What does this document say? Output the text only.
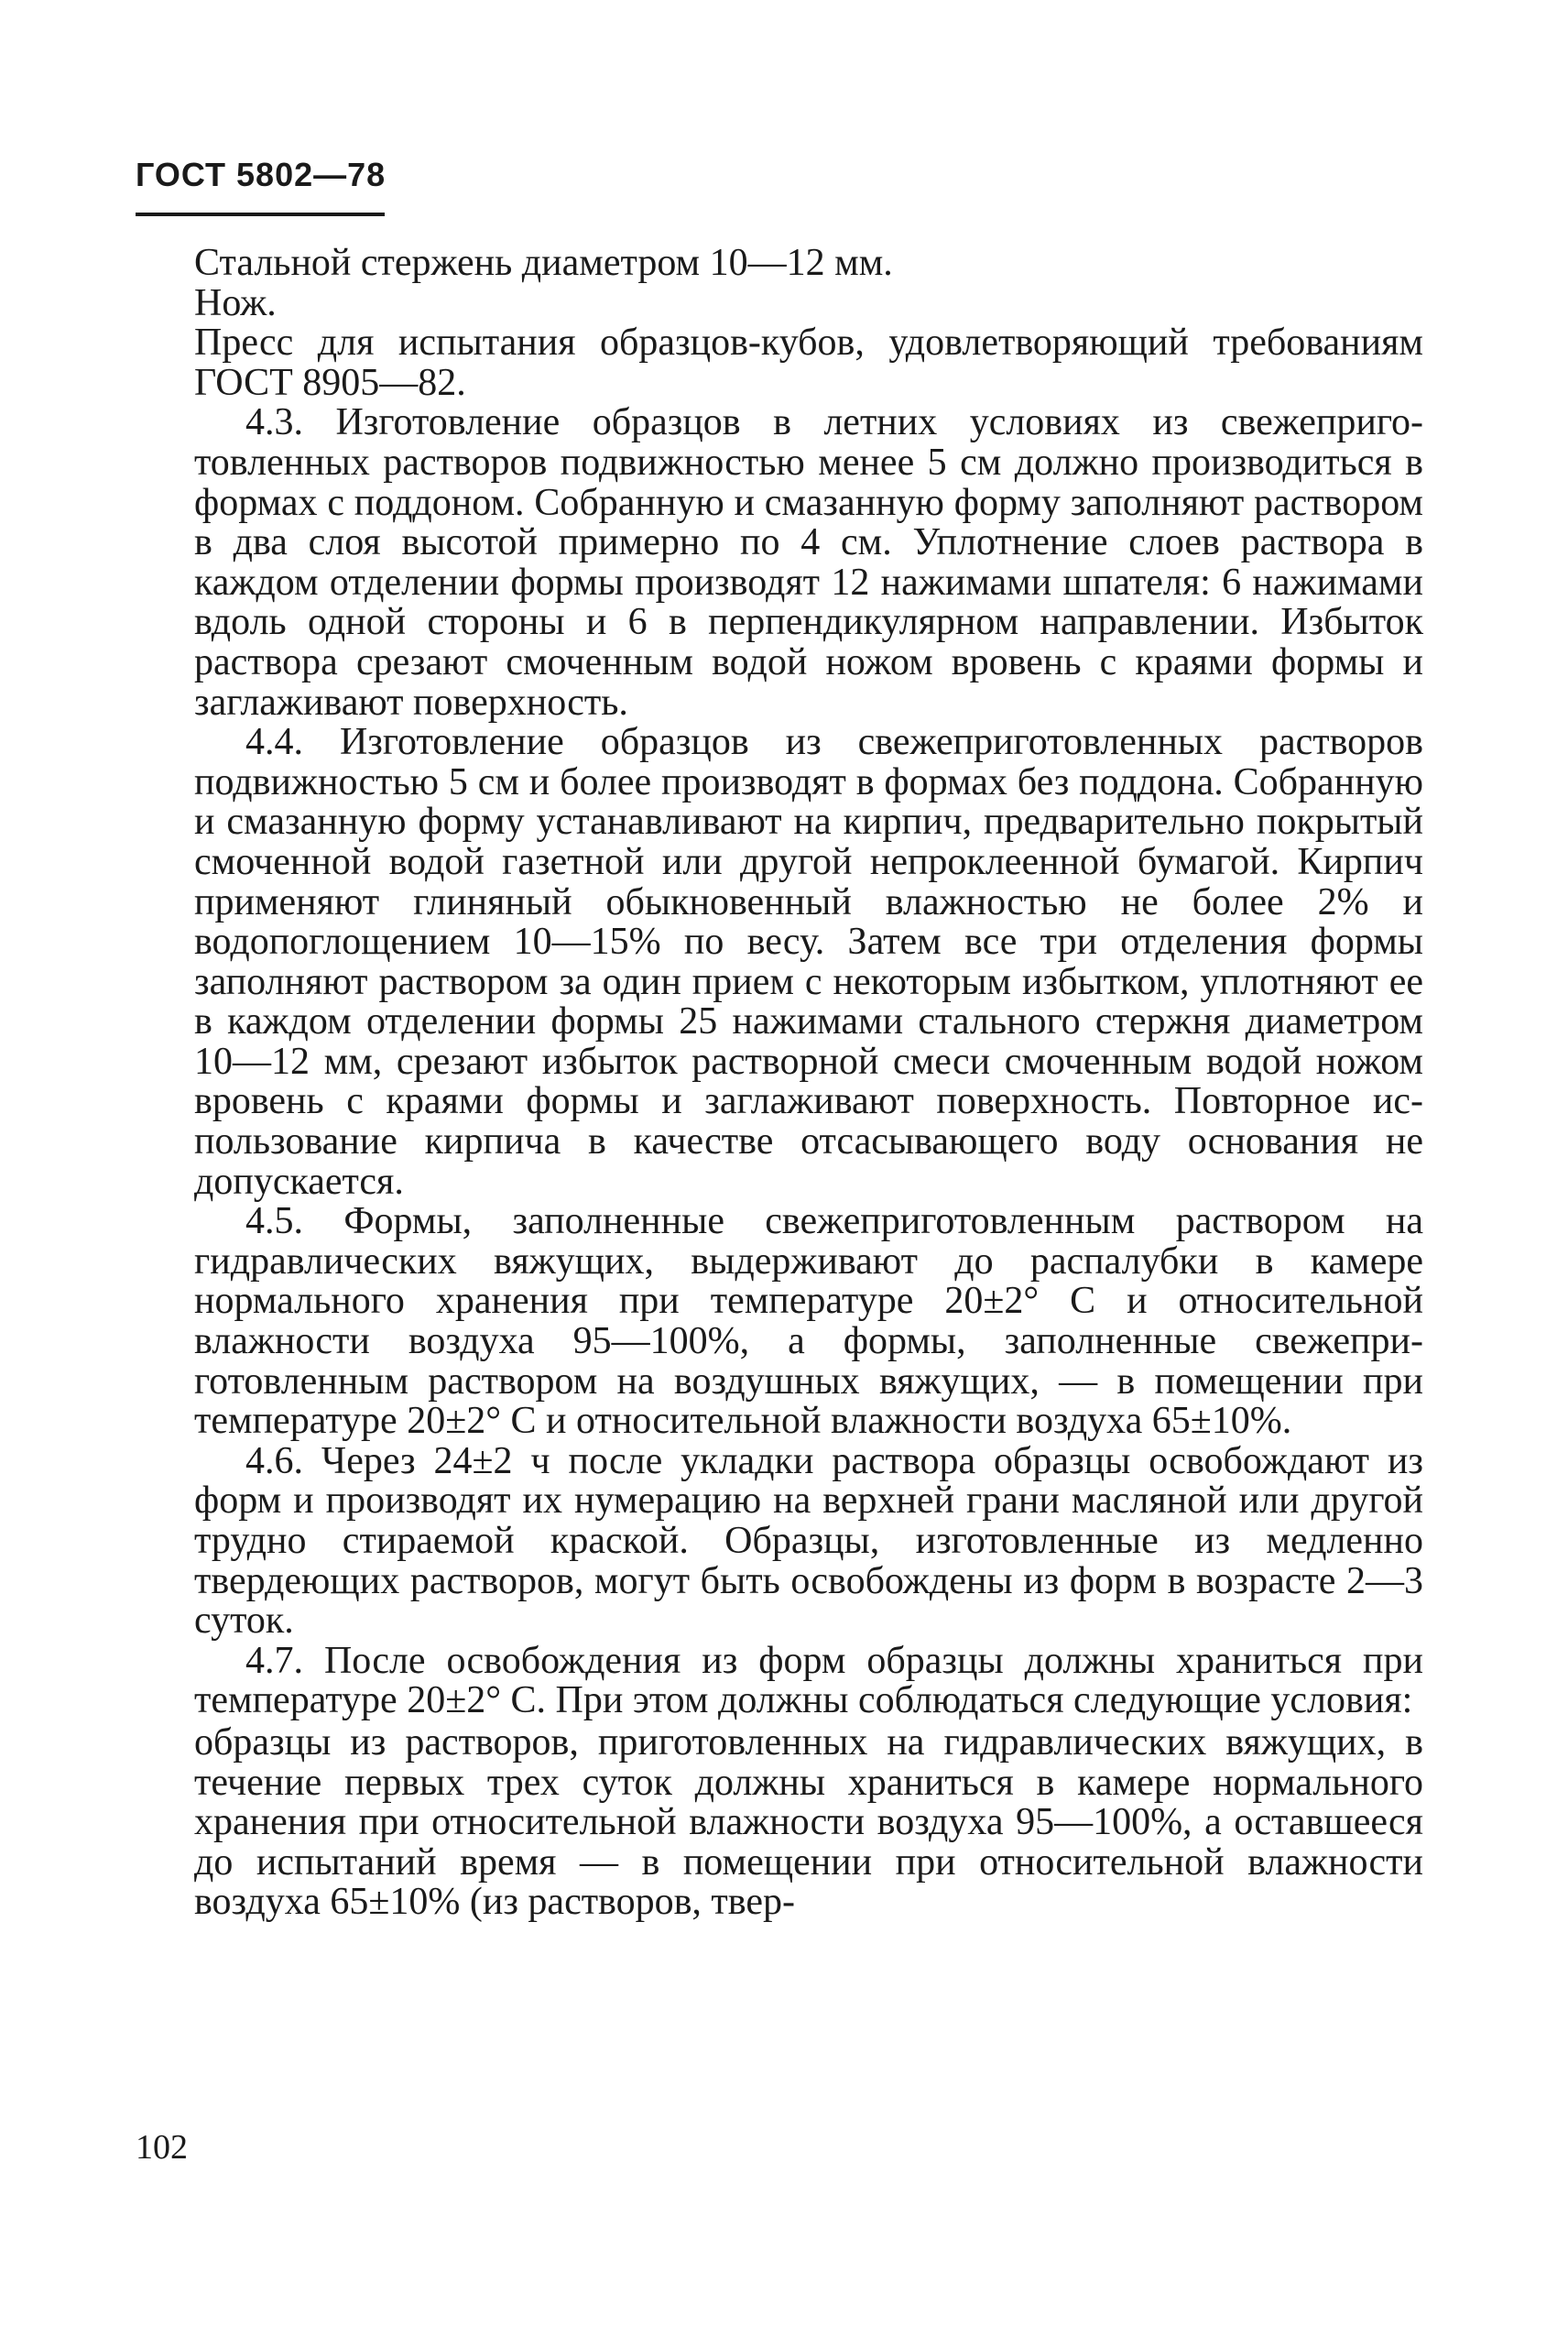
ГОСТ 5802—78

Стальной стержень диаметром 10—12 мм.

Нож.

Пресс для испытания образцов-кубов, удовлетворяющий требованиям ГОСТ 8905—82.

4.3. Изготовление образцов в летних условиях из свежеприготовленных растворов подвижностью менее 5 см должно производиться в формах с поддоном. Собранную и смазанную форму заполняют раствором в два слоя высотой примерно по 4 см. Уплотнение слоев раствора в каждом отделении формы производят 12 нажимами шпателя: 6 нажимами вдоль одной стороны и 6 в перпендикулярном направлении. Избыток раствора срезают смоченным водой ножом вровень с краями формы и заглаживают поверхность.

4.4. Изготовление образцов из свежеприготовленных растворов подвижностью 5 см и более производят в формах без поддона. Собранную и смазанную форму устанавливают на кирпич, предварительно покрытый смоченной водой газетной или другой непроклеенной бумагой. Кирпич применяют глиняный обыкновенный влажностью не более 2% и водопоглощением 10—15% по весу. Затем все три отделения формы заполняют раствором за один прием с некоторым избытком, уплотняют ее в каждом отделении формы 25 нажимами стального стержня диаметром 10—12 мм, срезают избыток растворной смеси смоченным водой ножом вровень с краями формы и заглаживают поверхность. Повторное использование кирпича в качестве отсасывающего воду основания не допускается.

4.5. Формы, заполненные свежеприготовленным раствором на гидравлических вяжущих, выдерживают до распалубки в камере нормального хранения при температуре 20±2° С и относительной влажности воздуха 95—100%, а формы, заполненные свежеприготовленным раствором на воздушных вяжущих, — в помещении при температуре 20±2° С и относительной влажности воздуха 65±10%.

4.6. Через 24±2 ч после укладки раствора образцы освобождают из форм и производят их нумерацию на верхней грани масляной или другой трудно стираемой краской. Образцы, изготовленные из медленно твердеющих растворов, могут быть освобождены из форм в возрасте 2—3 суток.

4.7. После освобождения из форм образцы должны храниться при температуре 20±2° С. При этом должны соблюдаться следующие условия:

образцы из растворов, приготовленных на гидравлических вяжущих, в течение первых трех суток должны храниться в камере нормального хранения при относительной влажности воздуха 95—100%, а оставшееся до испытаний время — в помещении при относительной влажности воздуха 65±10% (из растворов, твер-

102
